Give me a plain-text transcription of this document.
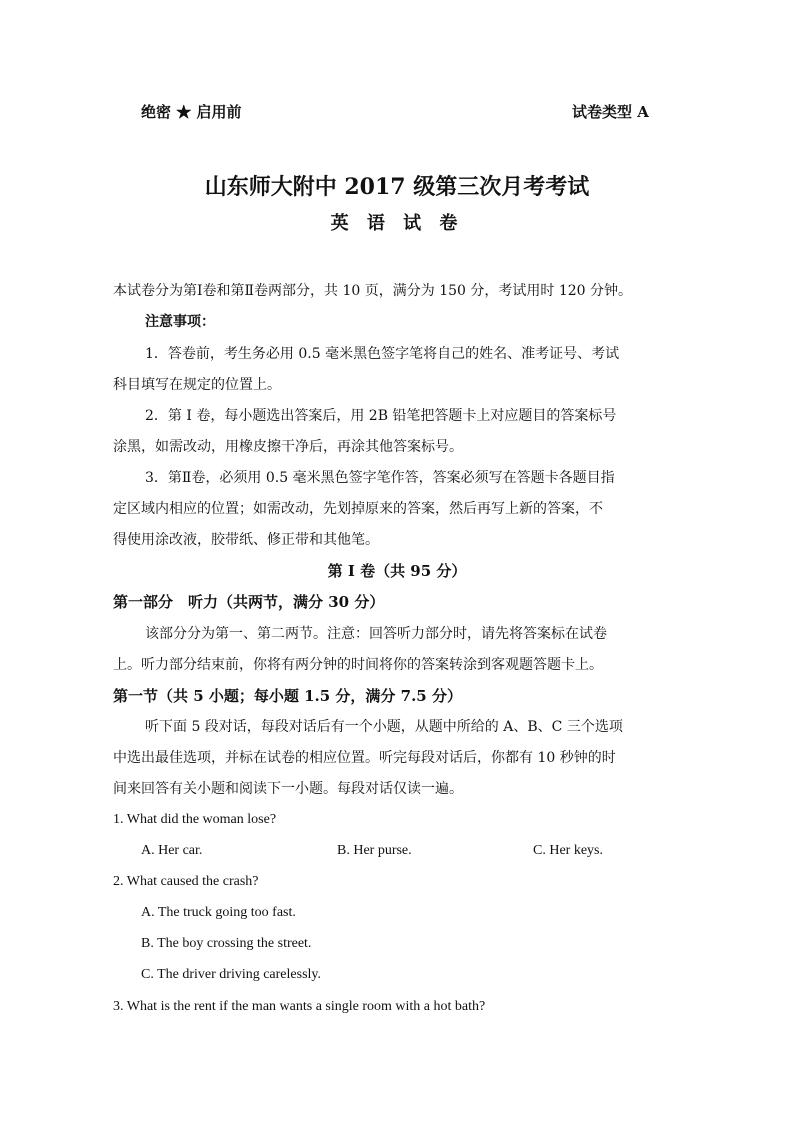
绝密 ★ 启用前	试卷类型 A
山东师大附中 2017 级第三次月考考试
英 语 试 卷
本试卷分为第Ⅰ卷和第Ⅱ卷两部分，共 10 页，满分为 150 分，考试用时 120 分钟。
注意事项：
1．答卷前，考生务必用 0.5 毫米黑色签字笔将自己的姓名、准考证号、考试
科目填写在规定的位置上。
2．第 I 卷，每小题选出答案后，用 2B 铅笔把答题卡上对应题目的答案标号
涂黑，如需改动，用橡皮擦干净后，再涂其他答案标号。
3．第Ⅱ卷，必须用 0.5 毫米黑色签字笔作答，答案必须写在答题卡各题目指
定区域内相应的位置；如需改动，先划掉原来的答案，然后再写上新的答案，不
得使用涂改液，胶带纸、修正带和其他笔。
第 I 卷（共 95 分）
第一部分　听力（共两节，满分 30 分）
该部分分为第一、第二两节。注意：回答听力部分时，请先将答案标在试卷
上。听力部分结束前，你将有两分钟的时间将你的答案转涂到客观题答题卡上。
第一节（共 5 小题；每小题 1.5 分，满分 7.5 分）
听下面 5 段对话，每段对话后有一个小题，从题中所给的 A、B、C 三个选项
中选出最佳选项，并标在试卷的相应位置。听完每段对话后，你都有 10 秒钟的时
间来回答有关小题和阅读下一小题。每段对话仅读一遍。
1. What did the woman lose?
A. Her car.	B. Her purse.	C. Her keys.
2. What caused the crash?
A. The truck going too fast.
B. The boy crossing the street.
C. The driver driving carelessly.
3. What is the rent if the man wants a single room with a hot bath?
